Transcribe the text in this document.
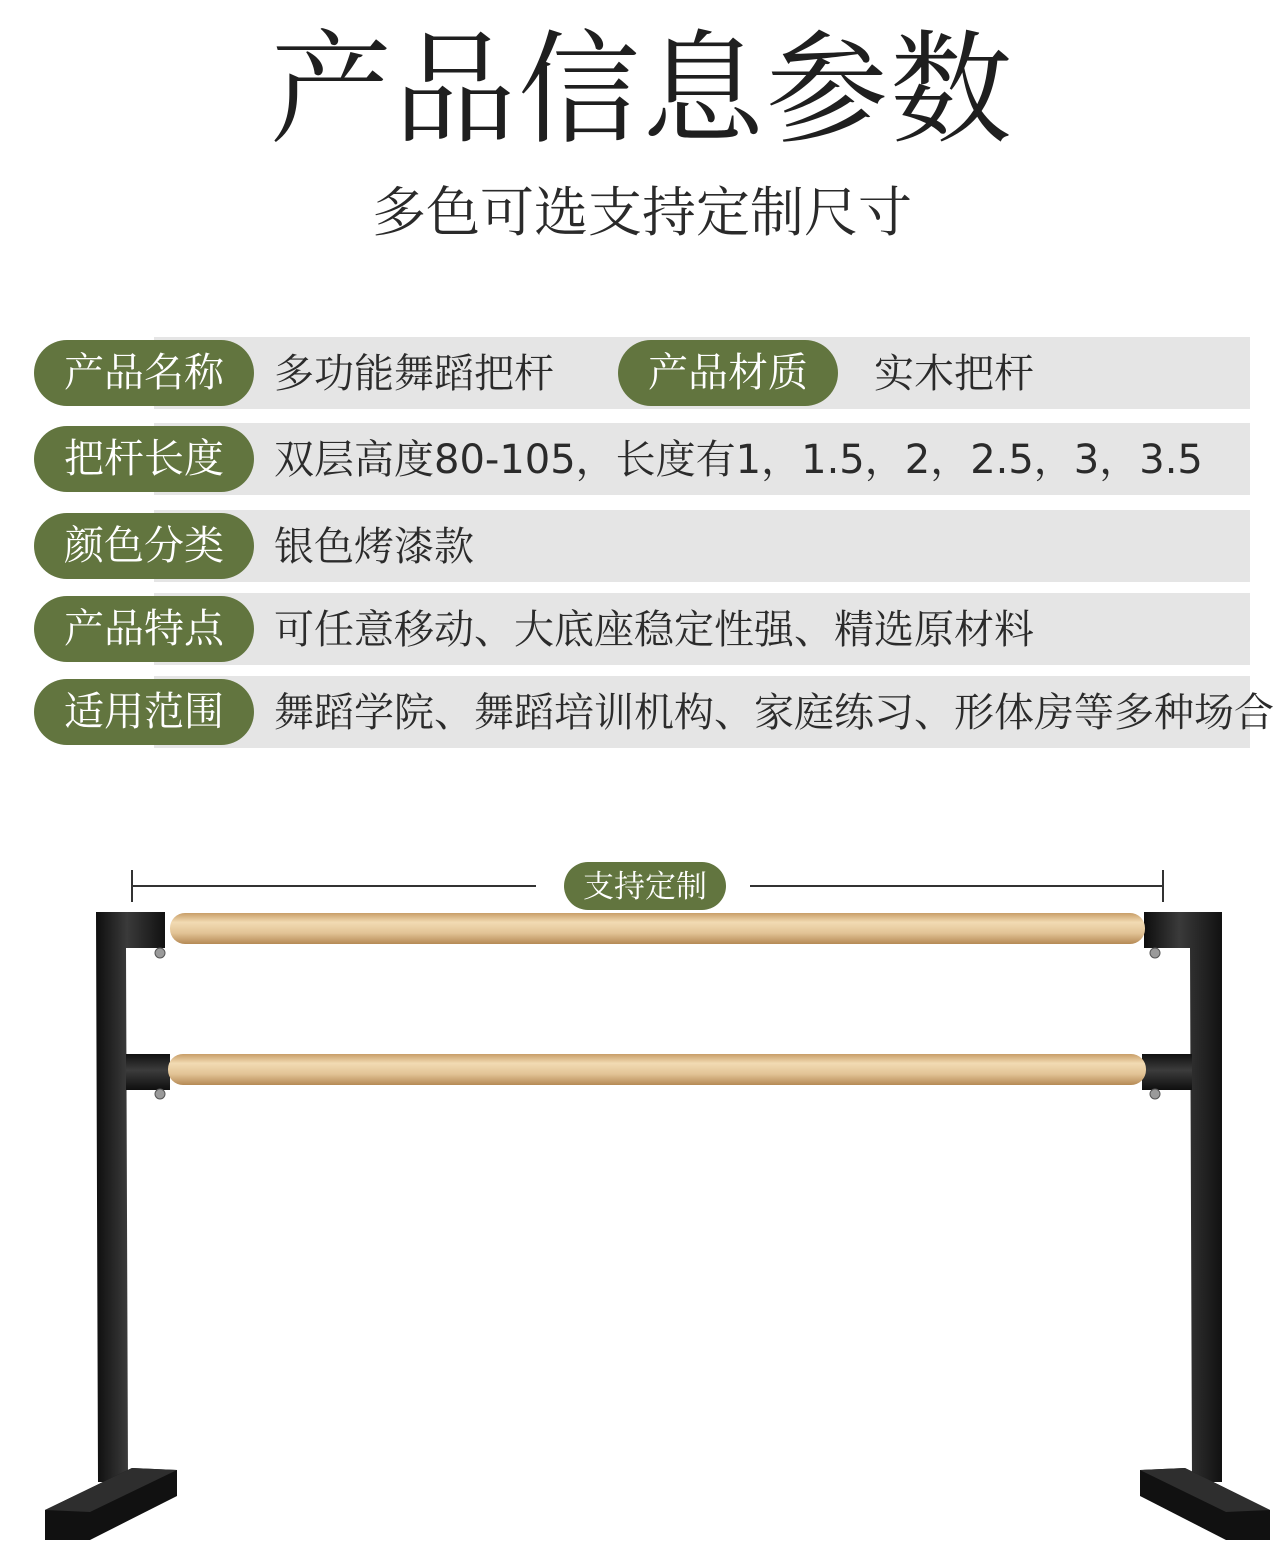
产品信息参数

多色可选支持定制尺寸

产品名称	多功能舞蹈把杆	产品材质	实木把杆
把杆长度	双层高度80-105，长度有1，1.5，2，2.5，3，3.5
颜色分类	银色烤漆款
产品特点	可任意移动、大底座稳定性强、精选原材料
适用范围	舞蹈学院、舞蹈培训机构、家庭练习、形体房等多种场合
支持定制
